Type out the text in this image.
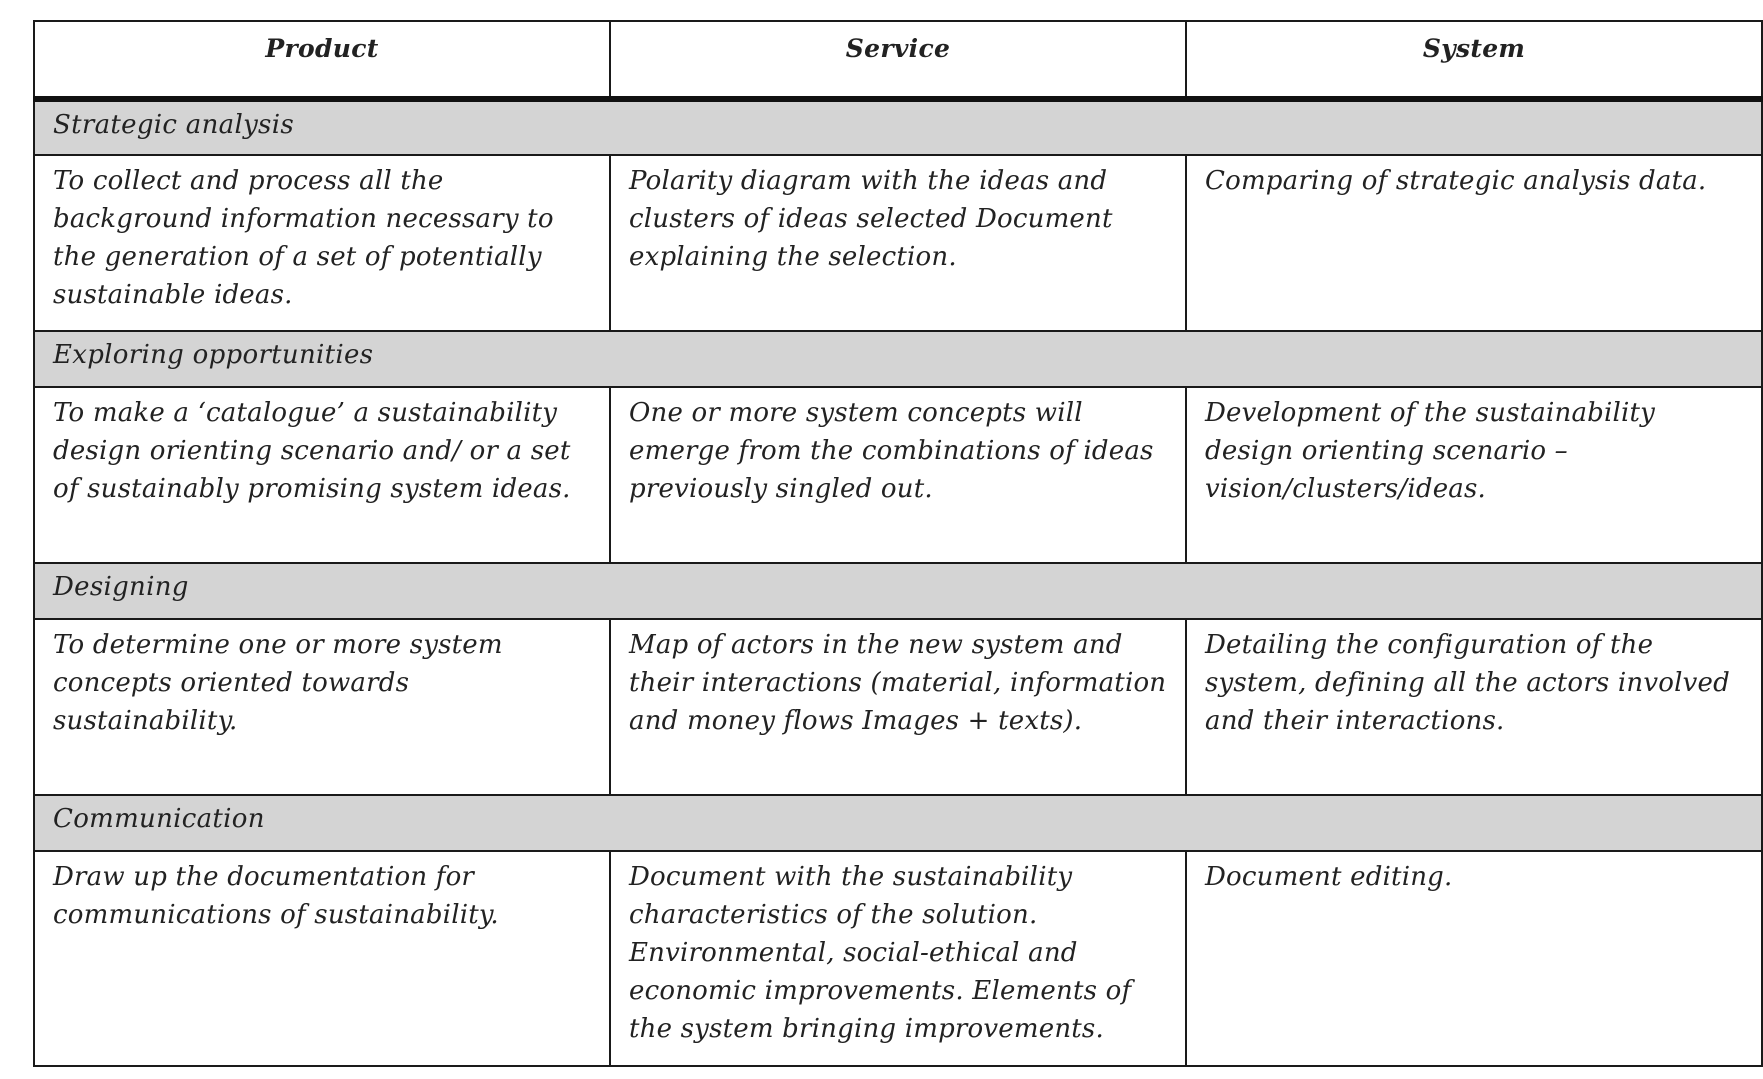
Product	Service	System
Strategic analysis		
To collect and process all the background information necessary to the generation of a set of potentially sustainable ideas.	Polarity diagram with the ideas and clusters of ideas selected Document explaining the selection.	Comparing of strategic analysis data.
Exploring opportunities		
To make a ‘catalogue’ a sustainability design orienting scenario and/ or a set of sustainably promising system ideas.	One or more system concepts will emerge from the combinations of ideas previously singled out.	Development of the sustainability design orienting scenario – vision/clusters/ideas.
Designing		
To determine one or more system concepts oriented towards sustainability.	Map of actors in the new system and their interactions (material, information and money flows Images + texts).	Detailing the configuration of the system, defining all the actors involved and their interactions.
Communication		
Draw up the documentation for communications of sustainability.	Document with the sustainability characteristics of the solution. Environmental, social-ethical and economic improvements. Elements of the system bringing improvements.	Document editing.
